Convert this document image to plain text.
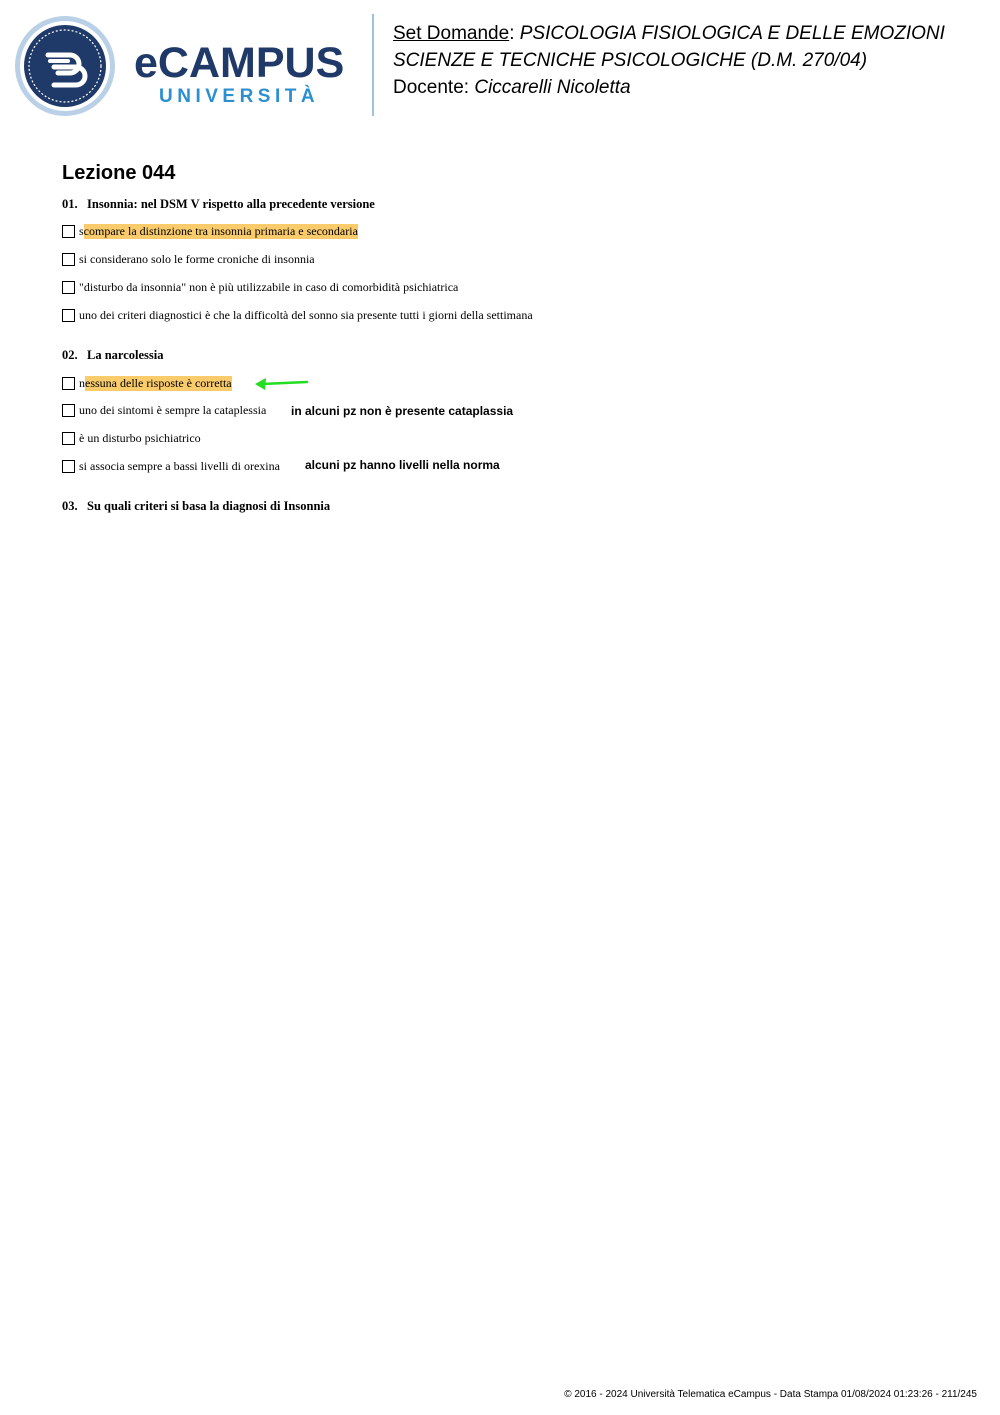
eCAMPUS
UNIVERSITÀ
Set Domande: PSICOLOGIA FISIOLOGICA E DELLE EMOZIONI
SCIENZE E TECNICHE PSICOLOGICHE (D.M. 270/04)
Docente: Ciccarelli Nicoletta
Lezione 044
01. Insonnia: nel DSM V rispetto alla precedente versione
s compare la distinzione tra insonnia primaria e secondaria
si considerano solo le forme croniche di insonnia
"disturbo da insonnia" non è più utilizzabile in caso di comorbidità psichiatrica
uno dei criteri diagnostici è che la difficoltà del sonno sia presente tutti i giorni della settimana
02. La narcolessia
n essuna delle risposte è corretta
uno dei sintomi è sempre la cataplessia in alcuni pz non è presente cataplassia
è un disturbo psichiatrico
si associa sempre a bassi livelli di orexina alcuni pz hanno livelli nella norma
03. Su quali criteri si basa la diagnosi di Insonnia
© 2016 - 2024 Università Telematica eCampus - Data Stampa 01/08/2024 01:23:26 - 211/245
